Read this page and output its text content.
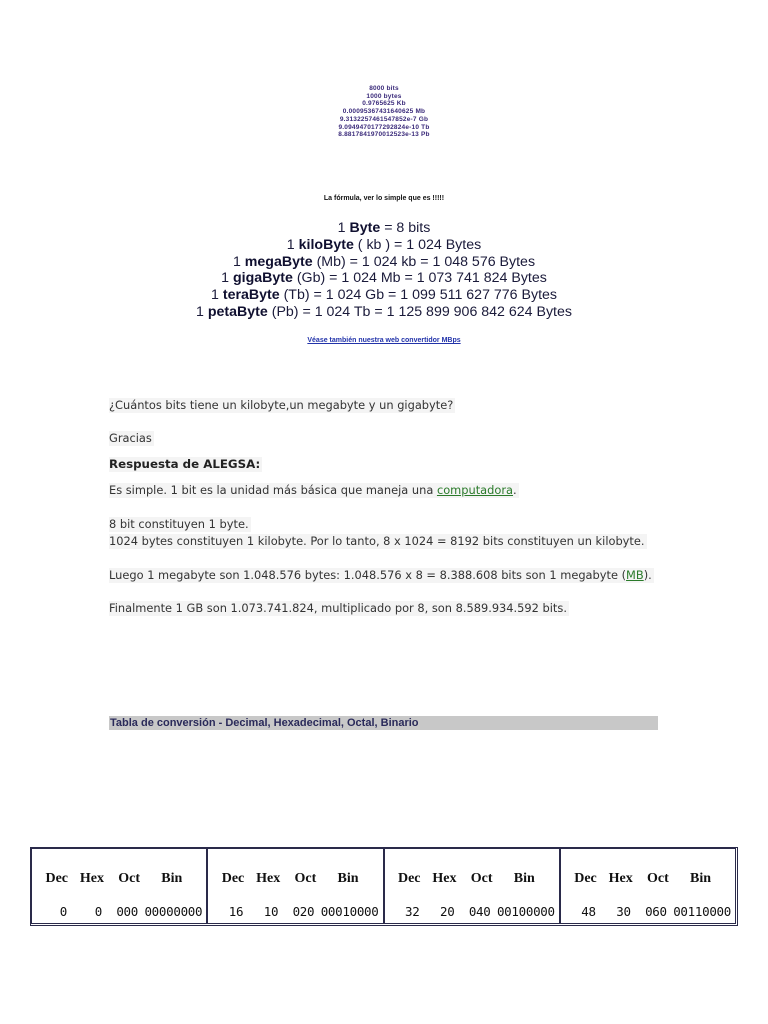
8000 bits
1000 bytes
0.9765625 Kb
0.00095367431640625 Mb
9.3132257461547852e-7 Gb
9.0949470177292824e-10 Tb
8.8817841970012523e-13 Pb
La fórmula, ver lo simple que es !!!!!
1 Byte = 8 bits
1 kiloByte ( kb ) = 1 024 Bytes
1 megaByte (Mb) = 1 024 kb = 1 048 576 Bytes
1 gigaByte (Gb) = 1 024 Mb = 1 073 741 824 Bytes
1 teraByte (Tb) = 1 024 Gb = 1 099 511 627 776 Bytes
1 petaByte (Pb) = 1 024 Tb = 1 125 899 906 842 624 Bytes
Véase también nuestra web convertidor MBps
¿Cuántos bits tiene un kilobyte,un megabyte y un gigabyte?
Gracias
Respuesta de ALEGSA:
Es simple. 1 bit es la unidad más básica que maneja una computadora.
8 bit constituyen 1 byte.
1024 bytes constituyen 1 kilobyte. Por lo tanto, 8 x 1024 = 8192 bits constituyen un kilobyte.
Luego 1 megabyte son 1.048.576 bytes: 1.048.576 x 8 = 8.388.608 bits son 1 megabyte (MB).
Finalmente 1 GB son 1.073.741.824, multiplicado por 8, son 8.589.934.592 bits.
Tabla de conversión - Decimal, Hexadecimal, Octal, Binario
Dec Hex	Oct	Bin
0	0	000 00000000
Dec Hex	Oct	Bin
16	10	020 00010000
Dec Hex	Oct	Bin
32	20	040 00100000
Dec Hex	Oct	Bin
48	30	060 00110000
